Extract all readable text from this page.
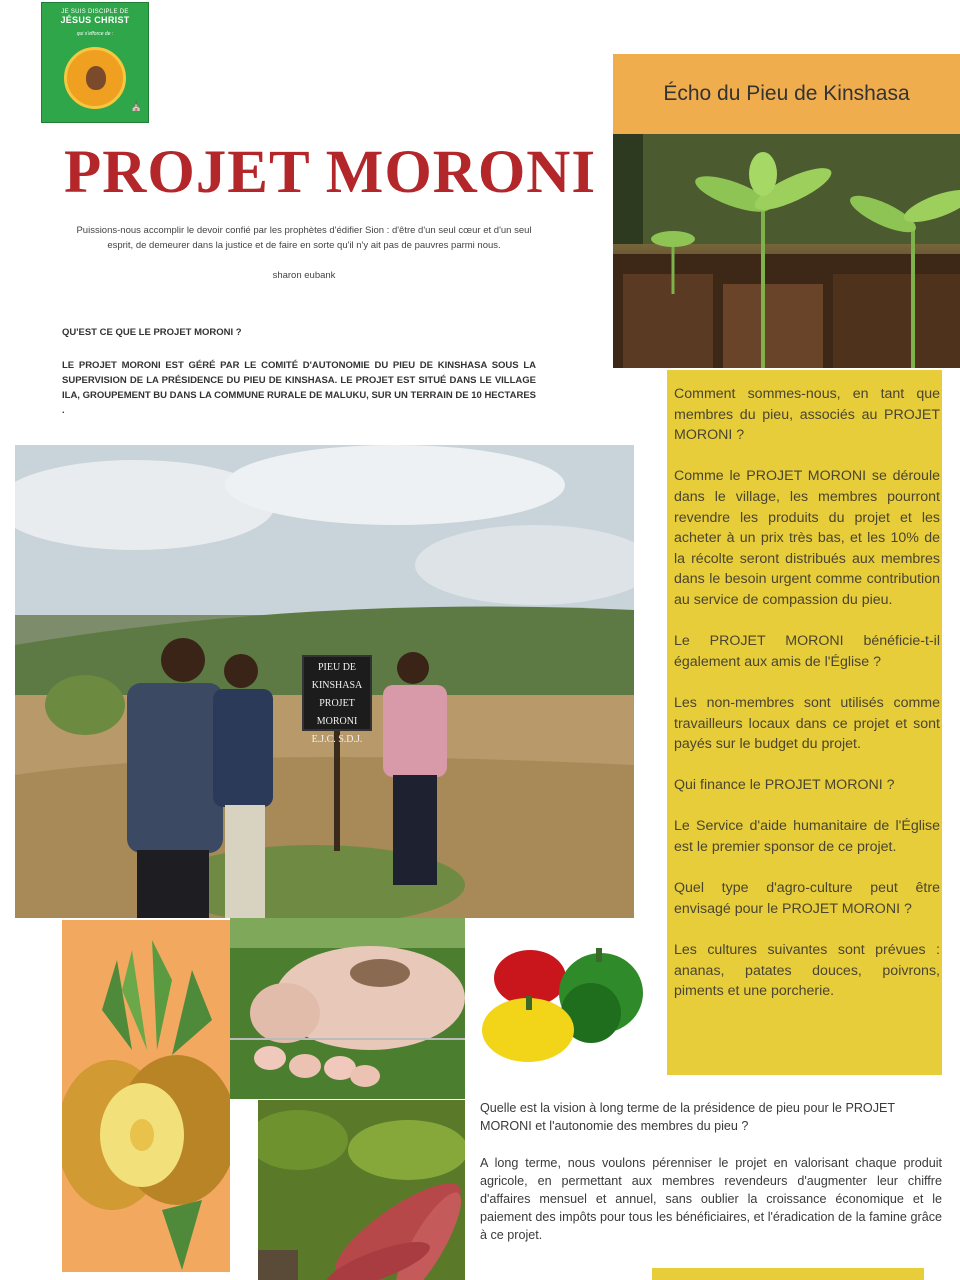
JE SUIS DISCIPLE DE
JÉSUS CHRIST
qui s'efforce de :
⛪
PROJET MORONI

Puissions-nous accomplir le devoir confié par les prophètes d'édifier Sion : d'être d'un seul cœur et d'un seul esprit, de demeurer dans la justice et de faire en sorte qu'il n'y ait pas de pauvres parmi nous.

sharon eubank

QU'EST CE QUE LE PROJET MORONI ?

LE PROJET MORONI EST GÉRÉ PAR LE COMITÉ D'AUTONOMIE DU PIEU DE KINSHASA SOUS LA SUPERVISION DE LA PRÉSIDENCE DU PIEU DE KINSHASA. LE PROJET EST SITUÉ DANS LE VILLAGE ILA, GROUPEMENT BU DANS LA COMMUNE RURALE DE MALUKU, SUR UN TERRAIN DE 10 HECTARES .

Écho du Pieu de Kinshasa

Comment sommes-nous, en tant que membres du pieu, associés au PROJET MORONI ?

Comme le PROJET MORONI se déroule dans le village, les membres pourront revendre les produits du projet et les acheter à un prix très bas, et les 10% de la récolte seront distribués aux membres dans le besoin urgent comme contribution au service de compassion du pieu.

Le PROJET MORONI bénéficie-t-il également aux amis de l'Église ?

Les non-membres sont utilisés comme travailleurs locaux dans ce projet et sont payés sur le budget du projet.

Qui finance le PROJET MORONI ?

Le Service d'aide humanitaire de l'Église est le premier sponsor de ce projet.

Quel type d'agro-culture peut être envisagé pour le PROJET MORONI ?

Les cultures suivantes sont prévues : ananas, patates douces, poivrons, piments et une porcherie.

PIEU DE KINSHASA
PROJET MORONI
E.J.C. S.D.J.

Quelle est la vision à long terme de la présidence de pieu pour le PROJET MORONI et l'autonomie des membres du pieu ?

A long terme, nous voulons pérenniser le projet en valorisant chaque produit agricole, en permettant aux membres revendeurs d'augmenter leur chiffre d'affaires mensuel et annuel, sans oublier la croissance économique et le paiement des impôts pour tous les bénéficiaires, et l'éradication de la famine grâce à ce projet.
